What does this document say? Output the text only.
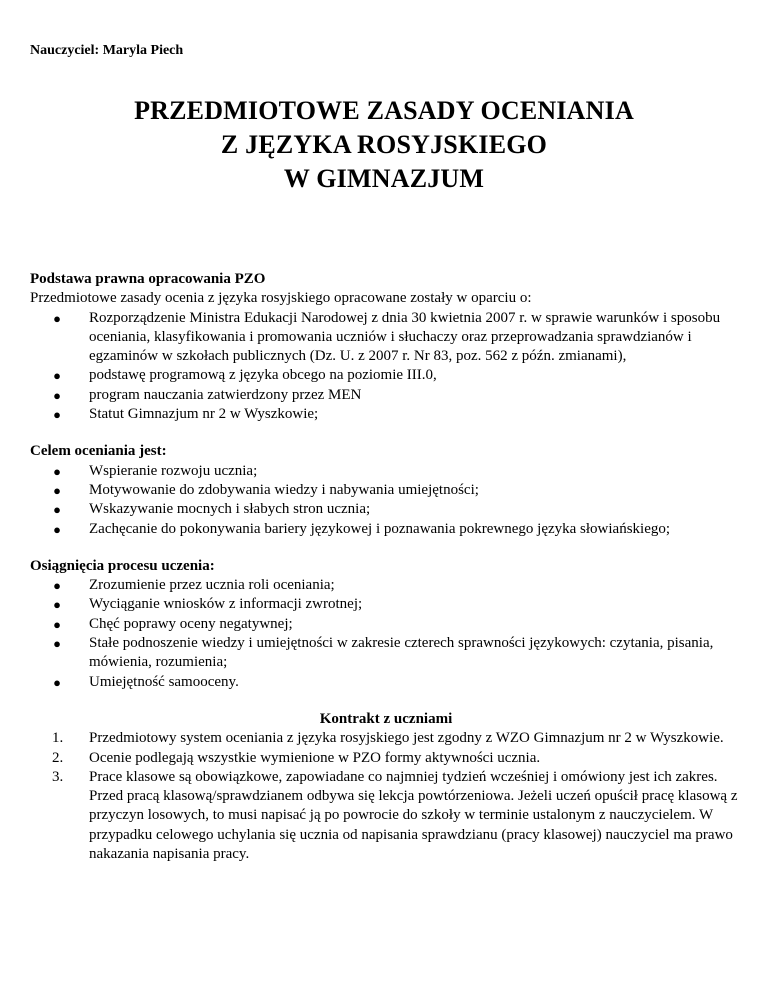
Nauczyciel: Maryla Piech
PRZEDMIOTOWE ZASADY OCENIANIA
Z JĘZYKA ROSYJSKIEGO
W GIMNAZJUM
Podstawa prawna opracowania PZO
Przedmiotowe zasady ocenia z języka rosyjskiego opracowane zostały w oparciu o:
● Rozporządzenie Ministra Edukacji Narodowej z dnia 30 kwietnia 2007 r. w sprawie warunków i sposobu oceniania, klasyfikowania i promowania uczniów i słuchaczy oraz przeprowadzania sprawdzianów i egzaminów w szkołach publicznych (Dz. U. z 2007 r. Nr 83, poz. 562 z późn. zmianami),
● podstawę programową z języka obcego na poziomie III.0,
● program nauczania zatwierdzony przez MEN
● Statut Gimnazjum nr 2 w Wyszkowie;
Celem oceniania jest:
● Wspieranie rozwoju ucznia;
● Motywowanie do zdobywania wiedzy i nabywania umiejętności;
● Wskazywanie mocnych i słabych stron ucznia;
● Zachęcanie do pokonywania bariery językowej i poznawania pokrewnego języka słowiańskiego;
Osiągnięcia procesu uczenia:
● Zrozumienie przez ucznia roli oceniania;
● Wyciąganie wniosków z informacji zwrotnej;
● Chęć poprawy oceny negatywnej;
● Stałe podnoszenie wiedzy i umiejętności w zakresie czterech sprawności językowych: czytania, pisania, mówienia, rozumienia;
● Umiejętność samooceny.
Kontrakt z uczniami
1. Przedmiotowy system oceniania z języka rosyjskiego jest zgodny z WZO Gimnazjum nr 2 w Wyszkowie.
2. Ocenie podlegają wszystkie wymienione w PZO formy aktywności ucznia.
3. Prace klasowe są obowiązkowe, zapowiadane co najmniej tydzień wcześniej i omówiony jest ich zakres. Przed pracą klasową/sprawdzianem odbywa się lekcja powtórzeniowa. Jeżeli uczeń opuścił pracę klasową z przyczyn losowych, to musi napisać ją po powrocie do szkoły w terminie ustalonym z nauczycielem. W przypadku celowego uchylania się ucznia od napisania sprawdzianu (pracy klasowej) nauczyciel ma prawo nakazania napisania pracy.
